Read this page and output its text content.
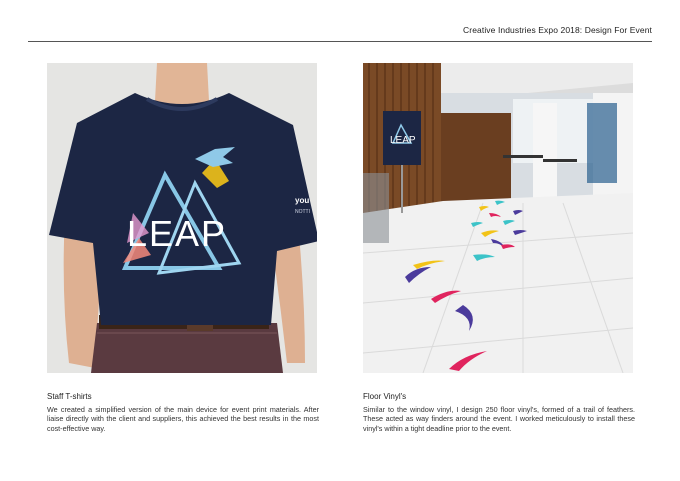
Creative Industries Expo 2018: Design For Event
you
NOTTI
LEAP
LEAP
Staff T-shirts
We created a simplified version of the main device for event print materials. After liaise directly with the client and suppliers, this achieved the best results in the most cost-effective way.
Floor Vinyl's
Similar to the window vinyl, I design 250 floor vinyl's, formed of a trail of feathers. These acted as way finders around the event. I worked meticulously to install these vinyl's within a tight deadline prior to the event.
